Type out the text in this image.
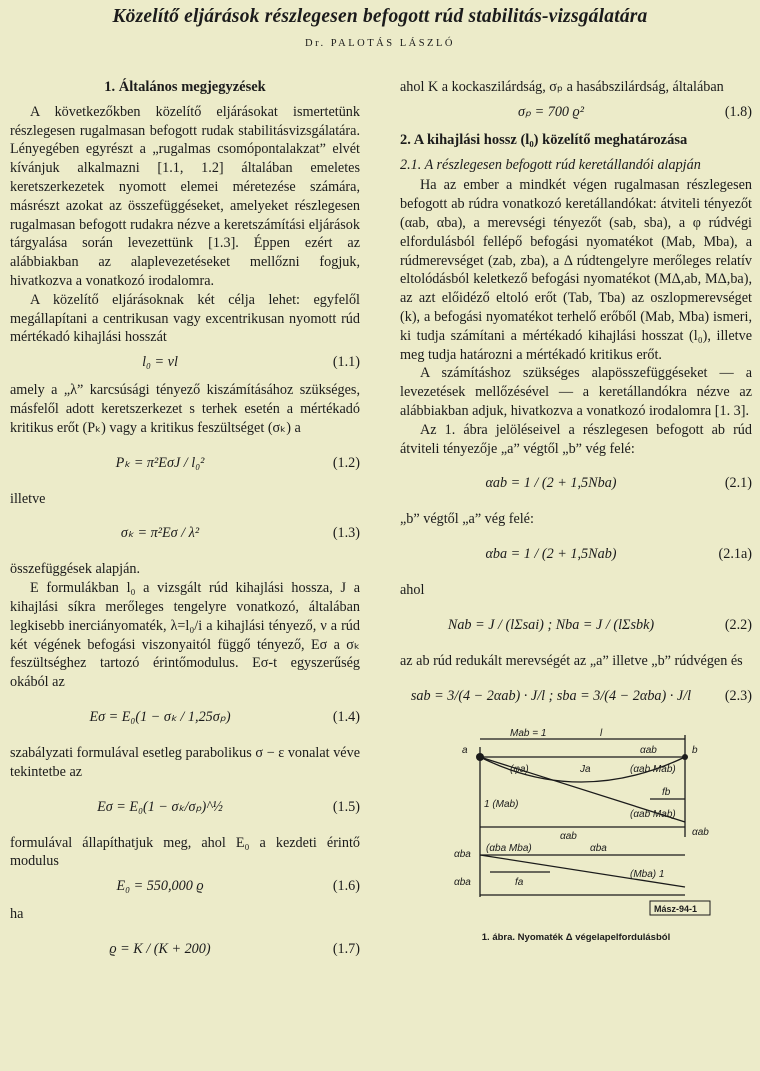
Közelítő eljárások részlegesen befogott rúd stabilitás-vizsgálatára
Dr. PALOTÁS LÁSZLÓ
1. Általános megjegyzések

A következőkben közelítő eljárásokat ismertetünk részlegesen rugalmasan befogott rudak stabilitásvizsgálatára. Lényegében egyrészt a „rugalmas csomópontalakzat” elvét kívánjuk alkalmazni [1.1, 1.2] általában emeletes keretszerkezetek nyomott elemei méretezése számára, másrészt azokat az összefüggéseket, amelyeket részlegesen rugalmasan befogott rudakra nézve a keretszámítási eljárások tárgyalása során levezettünk [1.3]. Éppen ezért az alábbiakban az alaplevezetéseket mellőzni fogjuk, hivatkozva a vonatkozó irodalomra.

A közelítő eljárásoknak két célja lehet: egyfelől megállapítani a centrikusan vagy excentrikusan nyomott rúd mértékadó kihajlási hosszát

l₀ = νl	(1.1)

amely a „λ” karcsúsági tényező kiszámításához szükséges, másfelől adott keretszerkezet s terhek esetén a mértékadó kritikus erőt (Pₖ) vagy a kritikus feszültséget (σₖ) a

Pₖ = π²EσJ / l₀²	(1.2)

illetve

σₖ = π²Eσ / λ²	(1.3)

összefüggések alapján.

E formulákban l₀ a vizsgált rúd kihajlási hossza, J a kihajlási síkra merőleges tengelyre vonatkozó, általában legkisebb inerciányomaték, λ=l₀/i a kihajlási tényező, ν a rúd két végének befogási viszonyaitól függő tényező, Eσ a σₖ feszültséghez tartozó érintőmodulus. Eσ-t egyszerűség okából az

Eσ = E₀(1 − σₖ / 1,25σₚ)	(1.4)

szabályzati formulával esetleg parabolikus σ − ε vonalat véve tekintetbe az

Eσ = E₀(1 − σₖ/σₚ)^½	(1.5)

formulával állapíthatjuk meg, ahol E₀ a kezdeti érintő modulus

E₀ = 550,000 ϱ	(1.6)

ha

ϱ = K / (K + 200)	(1.7)

ahol K a kockaszilárdság, σₚ a hasábszilárdság, általában

σₚ = 700 ϱ²	(1.8)
2. A kihajlási hossz (l₀) közelítő meghatározása
2.1. A részlegesen befogott rúd keretállandói alapján

Ha az ember a mindkét végen rugalmasan részlegesen befogott ab rúdra vonatkozó keretállandókat: átviteli tényezőt (αab, αba), a merevségi tényezőt (sab, sba), a φ rúdvégi elfordulásból fellépő befogási nyomatékot (Mab, Mba), a rúdmerevséget (zab, zba), a Δ rúdtengelyre merőleges relatív eltolódásból keletkező befogási nyomatékot (MΔ,ab, MΔ,ba), az azt előidéző eltoló erőt (Tab, Tba) az oszlopmerevséget (k), a befogási nyomatékot terhelő erőből (Mab, Mba) ismeri, ki tudja számítani a mértékadó kihajlási hosszat (l₀), illetve meg tudja határozni a mértékadó kritikus erőt.

A számításhoz szükséges alapösszefüggéseket — a levezetések mellőzésével — a keretállandókra nézve az alábbiakban adjuk, hivatkozva a vonatkozó irodalomra [1. 3].

Az 1. ábra jelöléseivel a részlegesen befogott ab rúd átviteli tényezője „a” végtől „b” vég felé:

αab = 1 / (2 + 1,5Nba)	(2.1)

„b” végtől „a” vég felé:

αba = 1 / (2 + 1,5Nab)	(2.1a)

ahol

Nab = J / (lΣsai) ; Nba = J / (lΣsbk)	(2.2)

az ab rúd redukált merevségét az „a” illetve „b” rúdvégen és

sab = 3/(4 − 2αab) · J/l ; sba = 3/(4 − 2αba) · J/l	(2.3)
a	b
Mab = 1	l
αab
(φa)	Ja	(αab Mab)
fb
1 (Mab)
(αab Mab)
αab	αab
αba
(αba Mba)	αba
αba	fa
(Mba) 1
Mász-94-1
1. ábra. Nyomaték Δ végelapelfordulásból
